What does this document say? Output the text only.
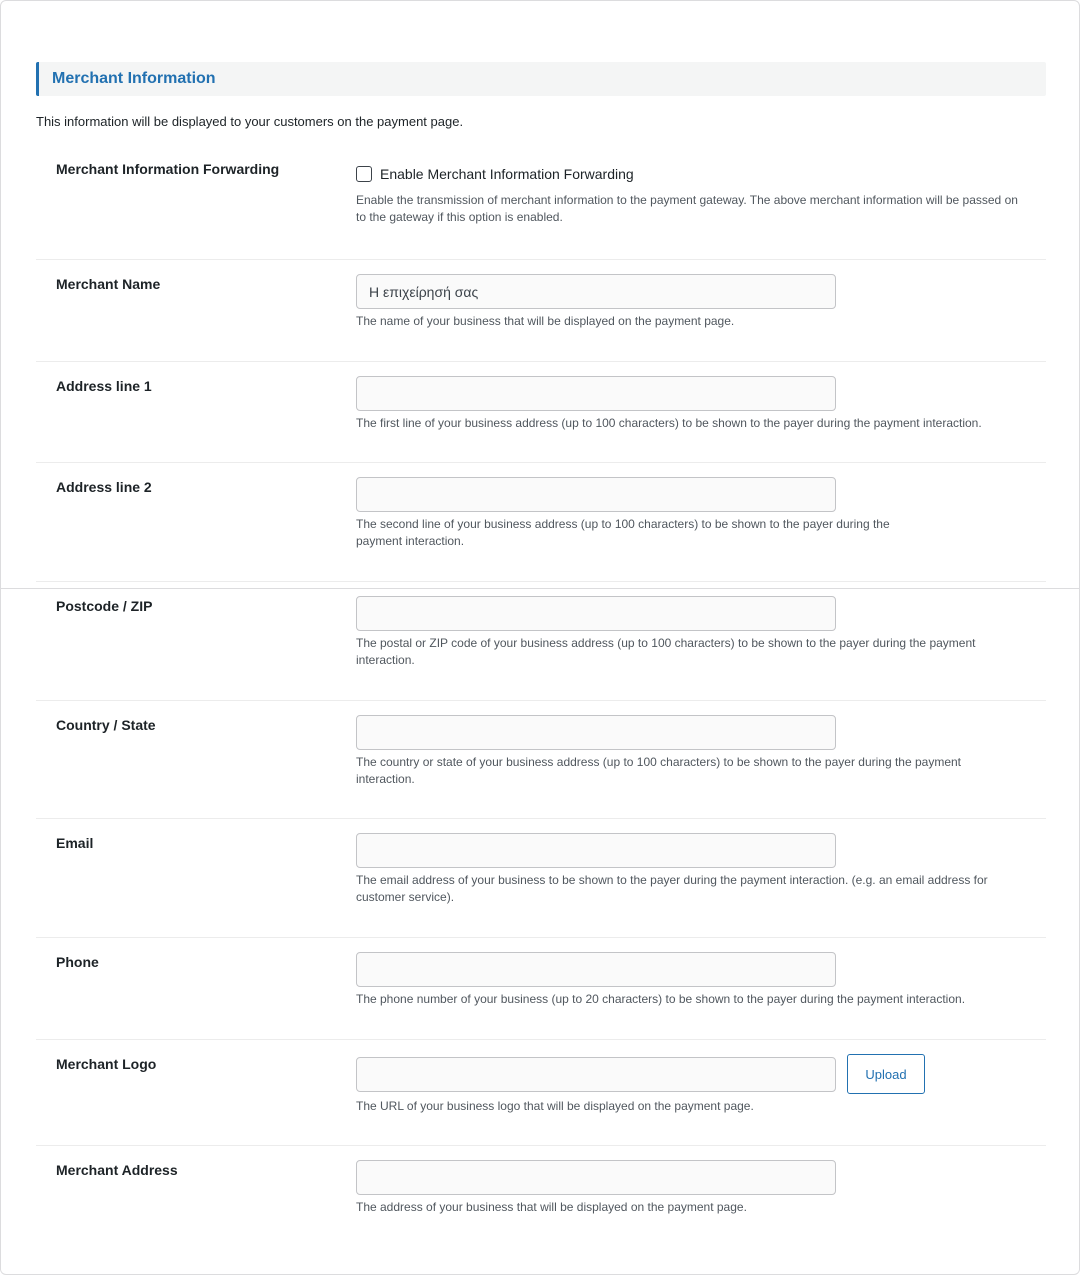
Merchant Information

This information will be displayed to your customers on the payment page.

Merchant Information Forwarding	Enable Merchant Information Forwarding

Enable the transmission of merchant information to the payment gateway. The above merchant information will be passed on to the gateway if this option is enabled.

Merchant Name
Η επιχείρησή σας

The name of your business that will be displayed on the payment page.

Address line 1

The first line of your business address (up to 100 characters) to be shown to the payer during the payment interaction.

Address line 2

The second line of your business address (up to 100 characters) to be shown to the payer during the payment interaction.

Postcode / ZIP

The postal or ZIP code of your business address (up to 100 characters) to be shown to the payer during the payment interaction.

Country / State

The country or state of your business address (up to 100 characters) to be shown to the payer during the payment interaction.

Email

The email address of your business to be shown to the payer during the payment interaction. (e.g. an email address for customer service).

Phone

The phone number of your business (up to 20 characters) to be shown to the payer during the payment interaction.

Merchant Logo
Upload

The URL of your business logo that will be displayed on the payment page.

Merchant Address

The address of your business that will be displayed on the payment page.
